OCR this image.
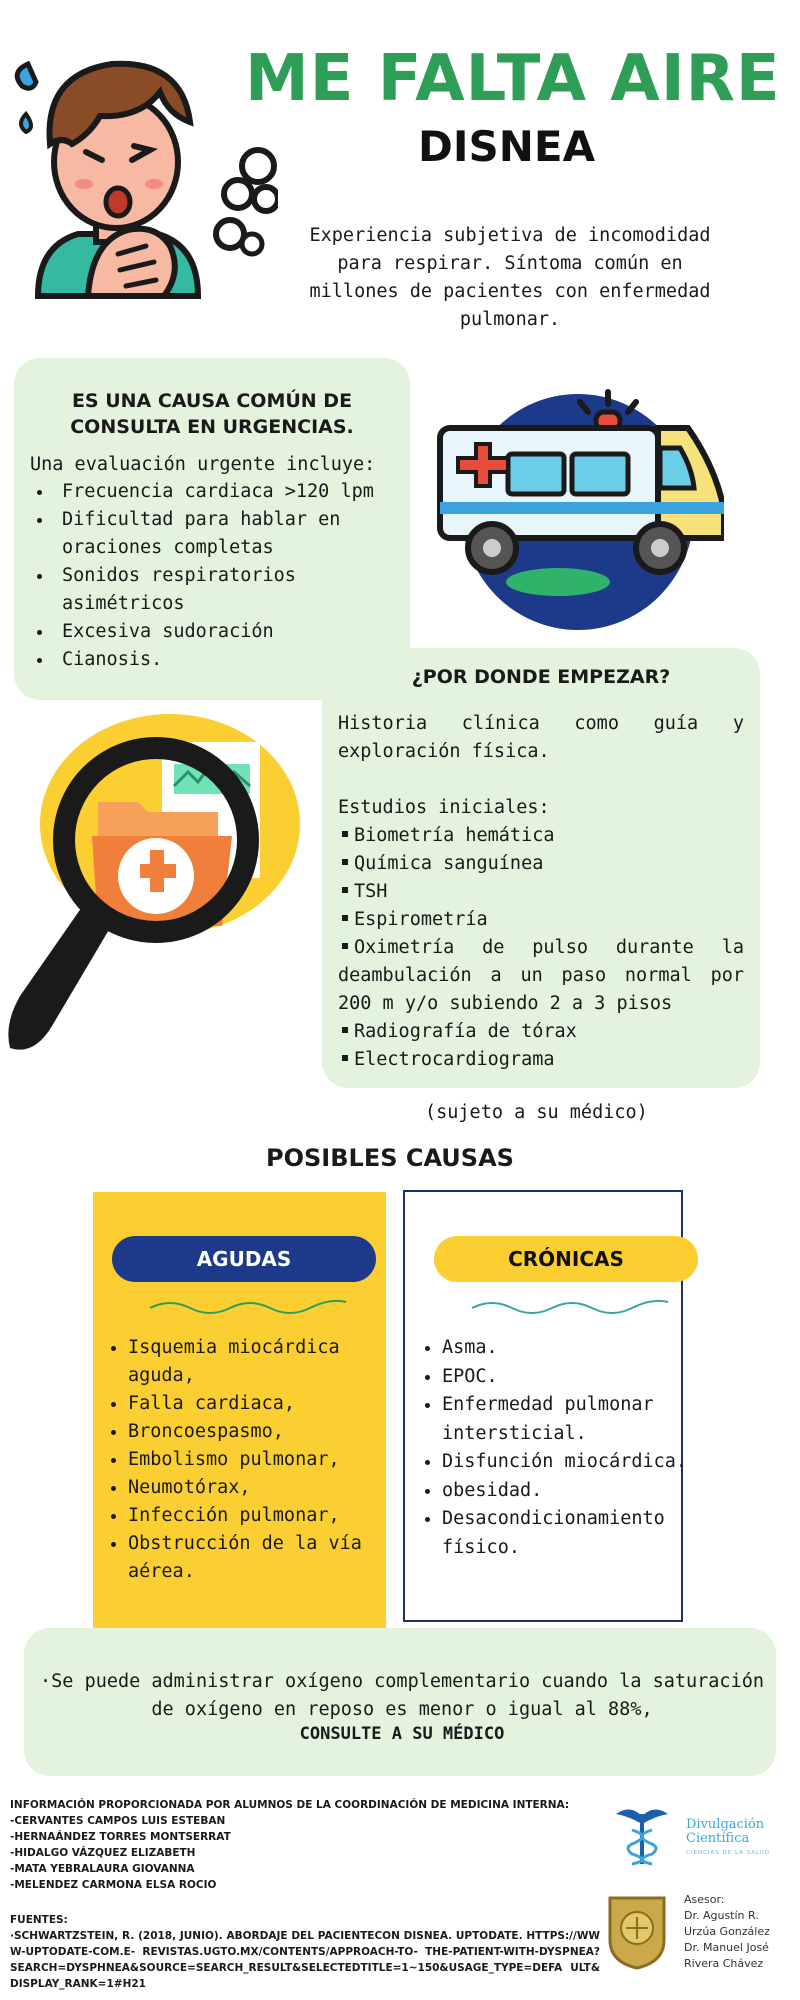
ME FALTA AIRE
DISNEA
Experiencia subjetiva de incomodidad para respirar. Síntoma común en millones de pacientes con enfermedad pulmonar.
ES UNA CAUSA COMÚN DE CONSULTA EN URGENCIAS.
Una evaluación urgente incluye:
• Frecuencia cardiaca >120 lpm
• Dificultad para hablar en oraciones completas
• Sonidos respiratorios asimétricos
• Excesiva sudoración
• Cianosis.
¿POR DONDE EMPEZAR?
Historia clínica como guía y exploración física.
Estudios iniciales:
Biometría hemática
Química sanguínea
TSH
Espirometría
Oximetría de pulso durante la deambulación a un paso normal por 200 m y/o subiendo 2 a 3 pisos
Radiografía de tórax
Electrocardiograma
(sujeto a su médico)
POSIBLES CAUSAS
AGUDAS	CRÓNICAS
• Isquemia miocárdica aguda,
• Falla cardiaca,
• Broncoespasmo,
• Embolismo pulmonar,
• Neumotórax,
• Infección pulmonar,
• Obstrucción de la vía aérea.
• Asma.
• EPOC.
• Enfermedad pulmonar intersticial.
• Disfunción miocárdica.
• obesidad.
• Desacondicionamiento físico.
·Se puede administrar oxígeno complementario cuando la saturación de oxígeno en reposo es menor o igual al 88%,
CONSULTE A SU MÉDICO
INFORMACIÓN PROPORCIONADA POR ALUMNOS DE LA COORDINACIÓN DE MEDICINA INTERNA:
-CERVANTES CAMPOS LUIS ESTEBAN
-HERNAÁNDEZ TORRES MONTSERRAT
-HIDALGO VÁZQUEZ ELIZABETH
-MATA YEBRALAURA GIOVANNA
-MELENDEZ CARMONA ELSA ROCIO
FUENTES:
·SCHWARTZSTEIN, R. (2018, JUNIO). ABORDAJE DEL PACIENTECON DISNEA. UPTODATE. HTTPS://WWW-UPTODATE-COM.E- REVISTAS.UGTO.MX/CONTENTS/APPROACH-TO- THE-PATIENT-WITH-DYSPNEA? SEARCH=DYSPHNEA&SOURCE=SEARCH_RESULT&SELECTEDTITLE=1~150&USAGE_TYPE=DEFA ULT&DISPLAY_RANK=1#H21
Divulgación
Científica
CIENCIAS DE LA SALUD
Asesor:
Dr. Agustín R. Urzúa González
Dr. Manuel José Rivera Chávez
